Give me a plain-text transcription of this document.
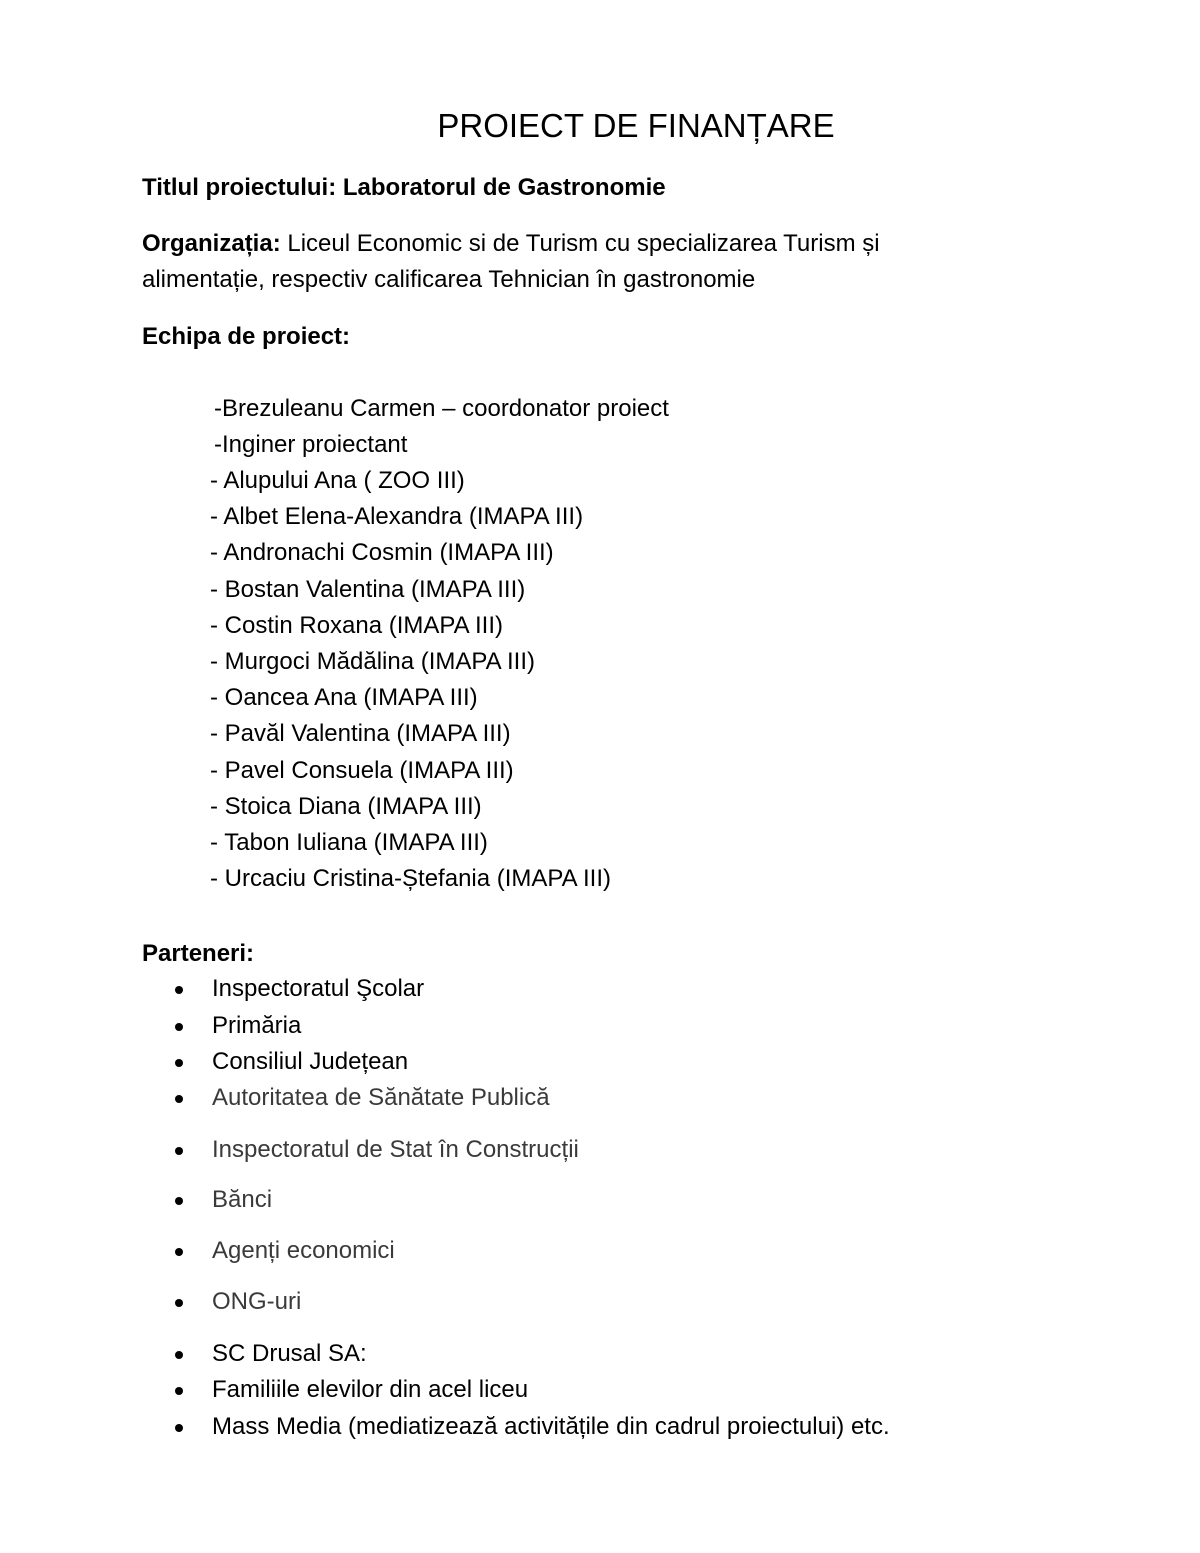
PROIECT DE FINANȚARE

Titlul proiectului: Laboratorul de Gastronomie

Organizația: Liceul Economic si de Turism cu specializarea Turism și

alimentație, respectiv calificarea Tehnician în gastronomie

Echipa de proiect:

-Brezuleanu Carmen – coordonator proiect
-Inginer proiectant
- Alupului Ana ( ZOO III)
- Albet Elena-Alexandra (IMAPA III)
- Andronachi Cosmin (IMAPA III)
- Bostan Valentina (IMAPA III)
- Costin Roxana (IMAPA III)
- Murgoci Mădălina (IMAPA III)
- Oancea Ana (IMAPA III)
- Pavăl Valentina (IMAPA III)
- Pavel Consuela (IMAPA III)
- Stoica Diana (IMAPA III)
- Tabon Iuliana (IMAPA III)
- Urcaciu Cristina-Ștefania (IMAPA III)

Parteneri:

Inspectoratul Şcolar
Primăria
Consiliul Județean
Autoritatea de Sănătate Publică
Inspectoratul de Stat în Construcții
Bănci
Agenți economici
ONG-uri
SC Drusal SA:
Familiile elevilor din acel liceu
Mass Media (mediatizează activitățile din cadrul proiectului) etc.
